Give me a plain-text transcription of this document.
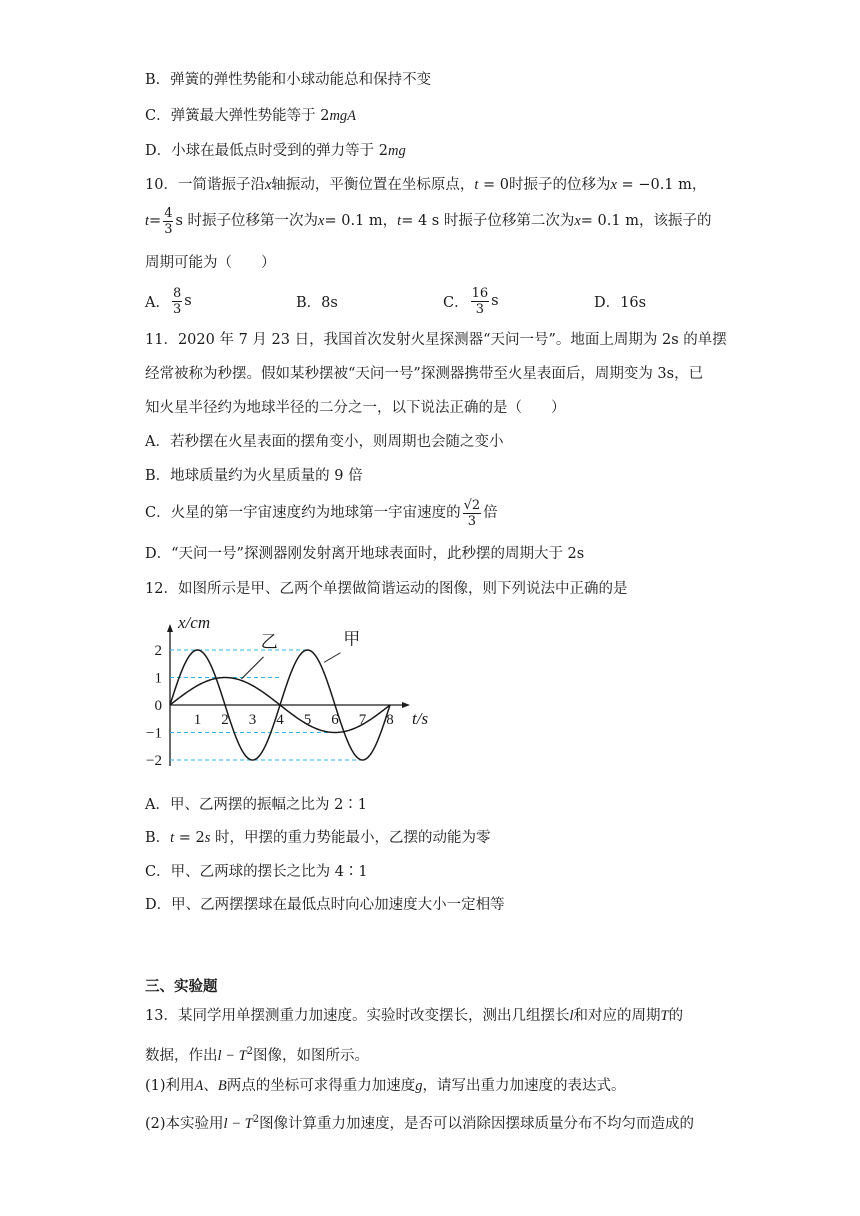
B．弹簧的弹性势能和小球动能总和保持不变
C．弹簧最大弹性势能等于 2mgA
D．小球在最低点时受到的弹力等于 2mg
10．一简谐振子沿x轴振动，平衡位置在坐标原点，t = 0时振子的位移为x = −0.1 m，
$t = \frac{4}{3}$ s 时振子位移第一次为 x = 0.1 m， t = 4 s 时振子位移第二次为 x = 0.1 m，该振子的
周期可能为（　　）
A． $\frac{8}{3}$ s	B．8s	C． $\frac{16}{3}$ s	D．16s
11．2020 年 7 月 23 日，我国首次发射火星探测器“天问一号”。地面上周期为 2s 的单摆
经常被称为秒摆。假如某秒摆被“天问一号”探测器携带至火星表面后，周期变为 3s，已
知火星半径约为地球半径的二分之一，以下说法正确的是（　　）
A．若秒摆在火星表面的摆角变小，则周期也会随之变小
B．地球质量约为火星质量的 9 倍
C．火星的第一宇宙速度约为地球第一宇宙速度的 $\frac{√2}{3}$ 倍
D．“天问一号”探测器刚发射离开地球表面时，此秒摆的周期大于 2s
12．如图所示是甲、乙两个单摆做简谐运动的图像，则下列说法中正确的是
1 2 3 4 5 6 7 8
2
1
0
−1
−2
x/cm
t/s
甲
乙
A．甲、乙两摆的振幅之比为 2∶1
B．t = 2s 时，甲摆的重力势能最小，乙摆的动能为零
C．甲、乙两球的摆长之比为 4∶1
D．甲、乙两摆摆球在最低点时向心加速度大小一定相等
三、实验题
13．某同学用单摆测重力加速度。实验时改变摆长，测出几组摆长l和对应的周期T的
数据，作出$l - T^2$图像，如图所示。
(1)利用A、B两点的坐标可求得重力加速度g，请写出重力加速度的表达式。
(2)本实验用$l - T^2$图像计算重力加速度，是否可以消除因摆球质量分布不均匀而造成的
